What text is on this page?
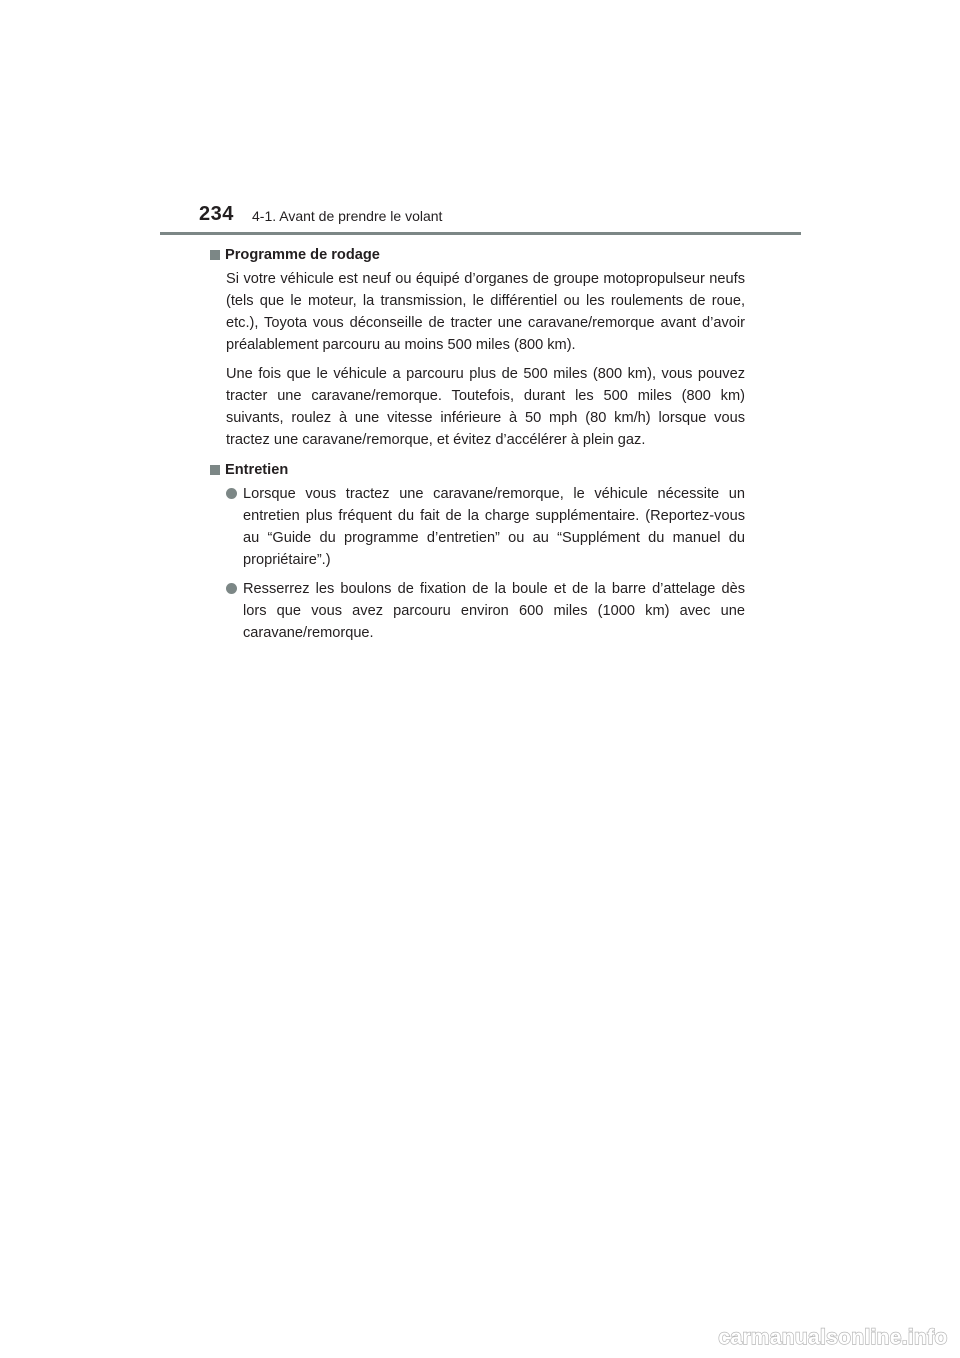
234 4-1. Avant de prendre le volant
Programme de rodage

Si votre véhicule est neuf ou équipé d’organes de groupe motopropulseur neufs (tels que le moteur, la transmission, le différentiel ou les roulements de roue, etc.), Toyota vous déconseille de tracter une caravane/remorque avant d’avoir préalablement parcouru au moins 500 miles (800 km).

Une fois que le véhicule a parcouru plus de 500 miles (800 km), vous pouvez tracter une caravane/remorque. Toutefois, durant les 500 miles (800 km) suivants, roulez à une vitesse inférieure à 50 mph (80 km/h) lorsque vous tractez une caravane/remorque, et évitez d’accélérer à plein gaz.

Entretien
Lorsque vous tractez une caravane/remorque, le véhicule nécessite un entretien plus fréquent du fait de la charge supplémentaire. (Reportez-vous au “Guide du programme d’entretien” ou au “Supplément du manuel du propriétaire”.)
Resserrez les boulons de fixation de la boule et de la barre d’attelage dès lors que vous avez parcouru environ 600 miles (1000 km) avec une caravane/remorque.
carmanualsonline.info
